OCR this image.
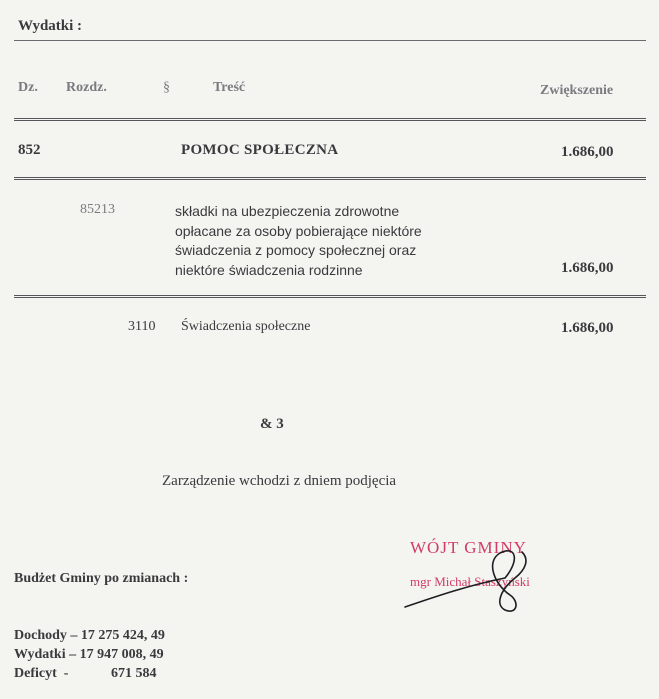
Wydatki :
Dz. Rozdz.	§	Treść	Zwiększenie
852	POMOC SPOŁECZNA	1.686,00
85213	składki na ubezpieczenia zdrowotne
opłacane za osoby pobierające niektóre
świadczenia z pomocy społecznej oraz
niektóre świadczenia rodzinne	1.686,00
3110 Świadczenia społeczne	1.686,00
& 3
Zarządzenie wchodzi z dniem podjęcia
WÓJT GMINY
mgr Michał Staszyński
Budżet Gminy po zmianach :
Dochody – 17 275 424, 49
Wydatki – 17 947 008, 49
Deficyt  -	671 584
